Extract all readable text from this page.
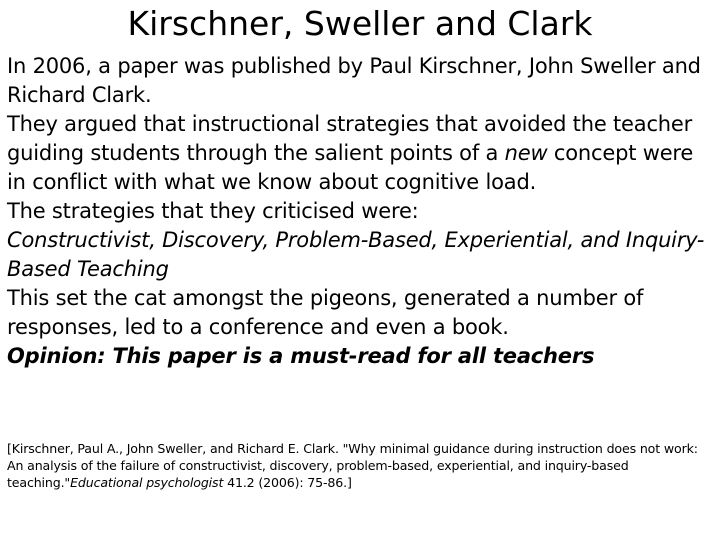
Kirschner, Sweller and Clark

In 2006, a paper was published by Paul Kirschner, John Sweller and Richard Clark.

They argued that instructional strategies that avoided the teacher guiding students through the salient points of a new concept were in conflict with what we know about cognitive load.

The strategies that they criticised were:

Constructivist, Discovery, Problem-Based, Experiential, and Inquiry-Based Teaching

This set the cat amongst the pigeons, generated a number of responses, led to a conference and even a book.

Opinion: This paper is a must-read for all teachers

[Kirschner, Paul A., John Sweller, and Richard E. Clark. "Why minimal guidance during instruction does not work: An analysis of the failure of constructivist, discovery, problem-based, experiential, and inquiry-based teaching."Educational psychologist 41.2 (2006): 75-86.]
